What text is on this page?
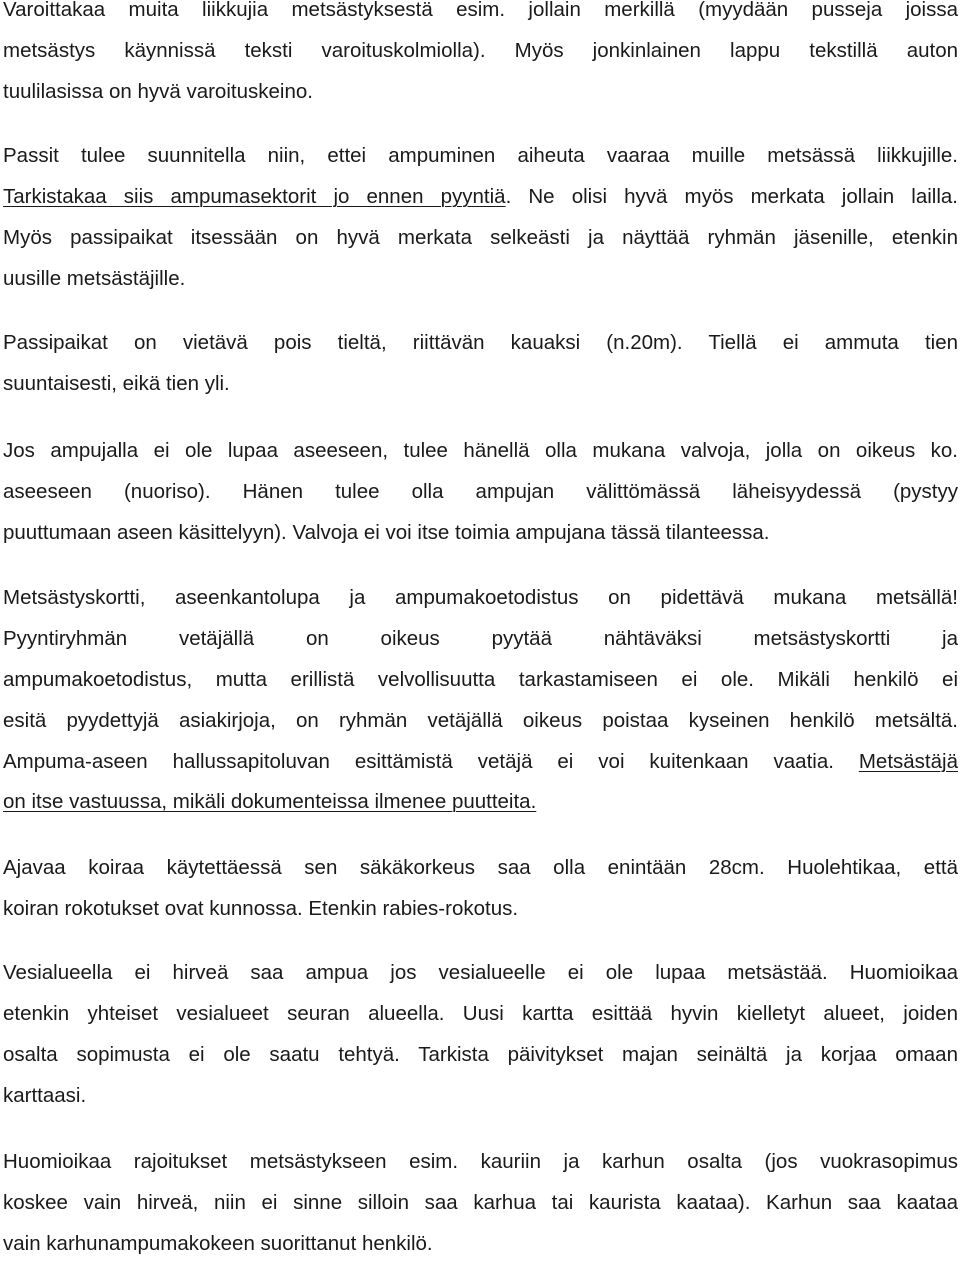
Varoittakaa muita liikkujia metsästyksestä esim. jollain merkillä (myydään pusseja joissa
metsästys käynnissä teksti varoituskolmiolla). Myös jonkinlainen lappu tekstillä auton
tuulilasissa on hyvä varoituskeino.
Passit tulee suunnitella niin, ettei ampuminen aiheuta vaaraa muille metsässä liikkujille.
Tarkistakaa siis ampumasektorit jo ennen pyyntiä. Ne olisi hyvä myös merkata jollain lailla.
Myös passipaikat itsessään on hyvä merkata selkeästi ja näyttää ryhmän jäsenille, etenkin
uusille metsästäjille.
Passipaikat on vietävä pois tieltä, riittävän kauaksi (n.20m). Tiellä ei ammuta tien
suuntaisesti, eikä tien yli.
Jos ampujalla ei ole lupaa aseeseen, tulee hänellä olla mukana valvoja, jolla on oikeus ko.
aseeseen (nuoriso). Hänen tulee olla ampujan välittömässä läheisyydessä (pystyy
puuttumaan aseen käsittelyyn). Valvoja ei voi itse toimia ampujana tässä tilanteessa.
Metsästyskortti, aseenkantolupa ja ampumakoetodistus on pidettävä mukana metsällä!
Pyyntiryhmän vetäjällä on oikeus pyytää nähtäväksi metsästyskortti ja
ampumakoetodistus, mutta erillistä velvollisuutta tarkastamiseen ei ole. Mikäli henkilö ei
esitä pyydettyjä asiakirjoja, on ryhmän vetäjällä oikeus poistaa kyseinen henkilö metsältä.
Ampuma-aseen hallussapitoluvan esittämistä vetäjä ei voi kuitenkaan vaatia. Metsästäjä
on itse vastuussa, mikäli dokumenteissa ilmenee puutteita.
Ajavaa koiraa käytettäessä sen säkäkorkeus saa olla enintään 28cm. Huolehtikaa, että
koiran rokotukset ovat kunnossa. Etenkin rabies-rokotus.
Vesialueella ei hirveä saa ampua jos vesialueelle ei ole lupaa metsästää. Huomioikaa
etenkin yhteiset vesialueet seuran alueella. Uusi kartta esittää hyvin kielletyt alueet, joiden
osalta sopimusta ei ole saatu tehtyä. Tarkista päivitykset majan seinältä ja korjaa omaan
karttaasi.
Huomioikaa rajoitukset metsästykseen esim. kauriin ja karhun osalta (jos vuokrasopimus
koskee vain hirveä, niin ei sinne silloin saa karhua tai kauristа kaataa). Karhun saa kaataa
vain karhunampumakokeen suorittanut henkilö.
